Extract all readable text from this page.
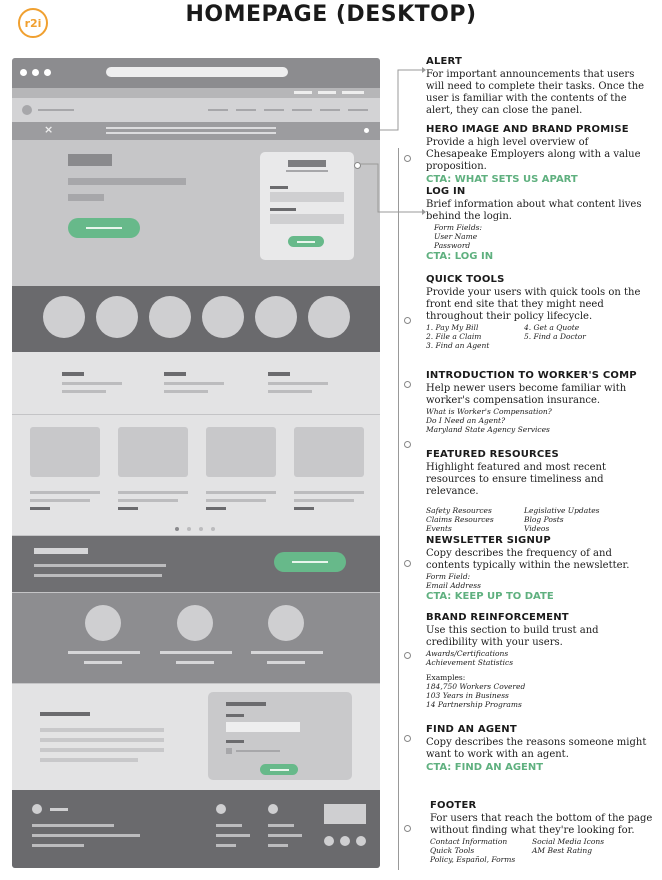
r2i	HOMEPAGE (DESKTOP)
×
ALERT

For important announcements that users will need to complete their tasks. Once the user is familiar with the contents of the alert, they can close the panel.

HERO IMAGE AND BRAND PROMISE

Provide a high level overview of Chesapeake Employers along with a value proposition.

CTA: WHAT SETS US APART
LOG IN

Brief information about what content lives behind the login.

Form Fields:

User Name

Password

CTA: LOG IN
QUICK TOOLS

Provide your users with quick tools on the front end site that they might need throughout their policy lifecycle.

1. Pay My Bill

2. File a Claim

3. Find an Agent

4. Get a Quote

5. Find a Doctor

INTRODUCTION TO WORKER'S COMP

Help newer users become familiar with worker's compensation insurance.

What is Worker's Compensation?

Do I Need an Agent?

Maryland State Agency Services

FEATURED RESOURCES

Highlight featured and most recent resources to ensure timeliness and relevance.

Safety Resources

Claims Resources

Events

Legislative Updates

Blog Posts

Videos

NEWSLETTER SIGNUP

Copy describes the frequency of and contents typically within the newsletter.

Form Field:

Email Address

CTA: KEEP UP TO DATE
BRAND REINFORCEMENT

Use this section to build trust and credibility with your users.

Awards/Certifications

Achievement Statistics

Examples:

184,750 Workers Covered

103 Years in Business

14 Partnership Programs

FIND AN AGENT

Copy describes the reasons someone might want to work with an agent.

CTA: FIND AN AGENT
FOOTER

For users that reach the bottom of the page without finding what they're looking for.

Contact Information

Quick Tools

Policy, Español, Forms

Social Media Icons

AM Best Rating
